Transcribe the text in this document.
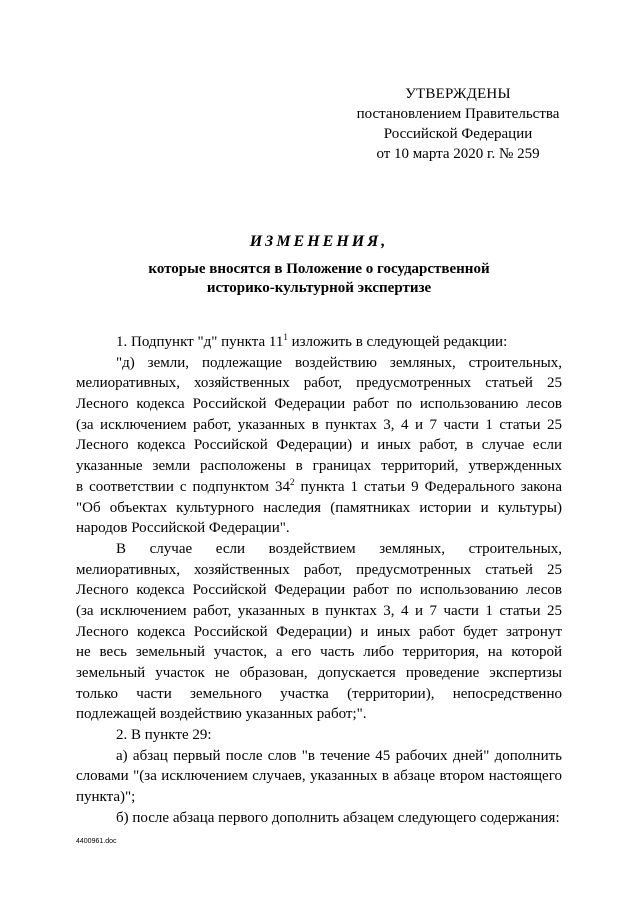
УТВЕРЖДЕНЫ
постановлением Правительства
Российской Федерации
от 10 марта 2020 г. № 259
ИЗМЕНЕНИЯ,
которые вносятся в Положение о государственной
историко-культурной экспертизе
1. Подпункт "д" пункта $11^1$ изложить в следующей редакции:
"д) земли, подлежащие воздействию земляных, строительных,
мелиоративных, хозяйственных работ, предусмотренных статьей 25
Лесного кодекса Российской Федерации работ по использованию лесов
(за исключением работ, указанных в пунктах 3, 4 и 7 части 1 статьи 25
Лесного кодекса Российской Федерации) и иных работ, в случае если
указанные земли расположены в границах территорий, утвержденных
в соответствии с подпунктом $34^2$ пункта 1 статьи 9 Федерального закона
"Об объектах культурного наследия (памятниках истории и культуры)
народов Российской Федерации".
В случае если воздействием земляных, строительных,
мелиоративных, хозяйственных работ, предусмотренных статьей 25
Лесного кодекса Российской Федерации работ по использованию лесов
(за исключением работ, указанных в пунктах 3, 4 и 7 части 1 статьи 25
Лесного кодекса Российской Федерации) и иных работ будет затронут
не весь земельный участок, а его часть либо территория, на которой
земельный участок не образован, допускается проведение экспертизы
только части земельного участка (территории), непосредственно
подлежащей воздействию указанных работ;".
2. В пункте 29:
а) абзац первый после слов "в течение 45 рабочих дней" дополнить
словами "(за исключением случаев, указанных в абзаце втором настоящего
пункта)";
б) после абзаца первого дополнить абзацем следующего содержания:
4400961.doc
